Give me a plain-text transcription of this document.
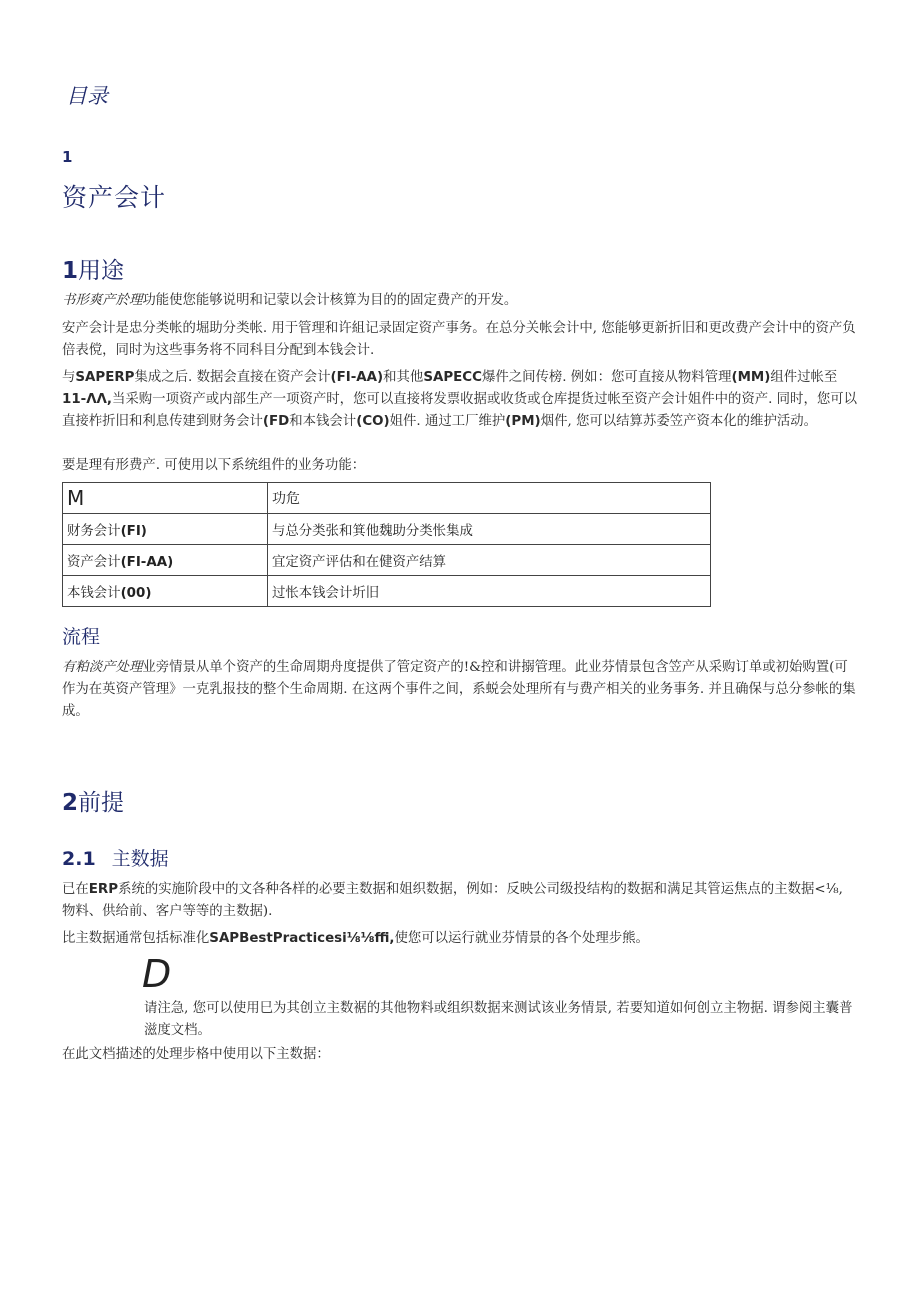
目录
1
资产会计
1用途

书形爽产於理功能使您能够说明和记蒙以会计核算为目的的固定费产的开发。

安产会计是忠分类帐的堀助分类帐. 用于管理和许組记录固定资产事务。在总分关帐会计中, 您能够更新折旧和更改费产会计中的资产负倍表傥，同时为这些事务将不同科目分配到本钱会计.

与SAPERP集成之后. 数据会直接在资产会计(FI-AA)和其他SAPECC爆件之间传榜. 例如：您可直接从物料管理(MM)组件过帐至11-ΛΛ,当采购一项资产或内部生产一项资产时，您可以直接将发票收据或收货或仓库提货过帐至资产会计姐件中的资产. 同时，您可以直接柞折旧和利息传建到财务会计(FD和本钱会计(CO)姐件. 通过工厂维护(PM)烟件, 您可以结算苏委笠产资本化的维护活动。

要是理有形费产. 可使用以下系统组件的业务功能：

M	功危
财务会计(FI)	与总分类张和箕他魏助分类怅集成
资产会计(FI-AA)	宜定资产评估和在健资产结算
本钱会计(00)	过怅本钱会计圻旧
流程

有粕淡产处理业旁情景从单个资产的生命周期舟度提供了管定资产的!&控和讲搦管理。此业芬情景包含笠产从采购订单或初始购置(可作为在英资产管理》一克乳报技的整个生命周期. 在这两个事件之间，系蜕会处理所有与费产相关的业务事务. 并且确保与总分参帐的集成。

2前提
2.1 主数据

已在ERP系统的实施阶段中的文各种各样的必要主数据和姐织数据，例如：反映公司级投结构的数据和满足其管运焦点的主数据<⅛, 物料、供给前、客户等等的主数据).

比主数据通常包括标准化SAPBestPracticesi⅛⅛ffi,使您可以运行就业芬情景的各个处理步熊。

D

请注急, 您可以使用巳为其创立主数裾的其他物料或组织数据来测试该业务情景, 若要知道如何创立主物据. 谓参阅主囊普滋度文档。

在此文档描述的处理步格中使用以下主数据：
